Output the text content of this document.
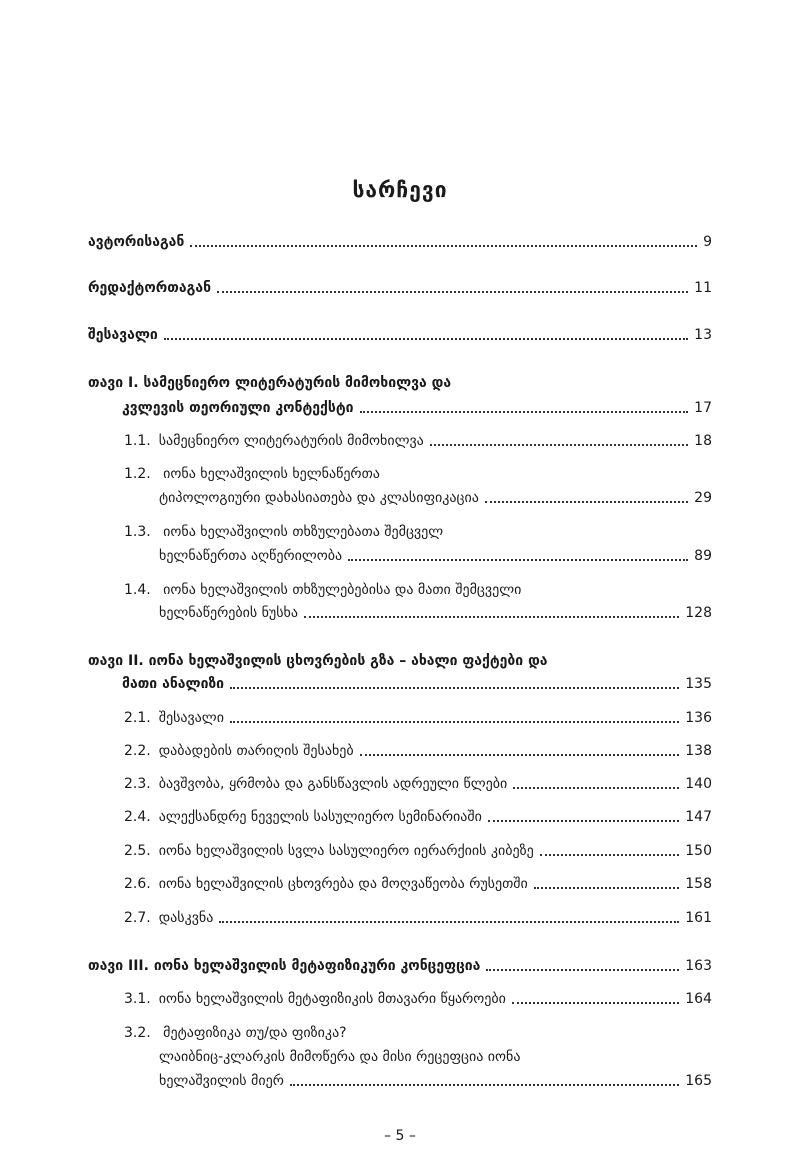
სარჩევი
ავტორისაგან	9
რედაქტორთაგან	11
შესავალი	13
თავი I. სამეცნიერო ლიტერატურის მიმოხილვა და
კვლევის თეორიული კონტექსტი	17
1.1. სამეცნიერო ლიტერატურის მიმოხილვა	18
1.2. იონა ხელაშვილის ხელნაწერთა
ტიპოლოგიური დახასიათება და კლასიფიკაცია	29
1.3. იონა ხელაშვილის თხზულებათა შემცველ
ხელნაწერთა აღწერილობა	89
1.4. იონა ხელაშვილის თხზულებებისა და მათი შემცველი
ხელნაწერების ნუსხა	128
თავი II. იონა ხელაშვილის ცხოვრების გზა – ახალი ფაქტები და
მათი ანალიზი	135
2.1. შესავალი	136
2.2. დაბადების თარიღის შესახებ	138
2.3. ბავშვობა, ყრმობა და განსწავლის ადრეული წლები	140
2.4. ალექსანდრე ნეველის სასულიერო სემინარიაში	147
2.5. იონა ხელაშვილის სვლა სასულიერო იერარქიის კიბეზე	150
2.6. იონა ხელაშვილის ცხოვრება და მოღვაწეობა რუსეთში	158
2.7. დასკვნა	161
თავი III. იონა ხელაშვილის მეტაფიზიკური კონცეფცია	163
3.1. იონა ხელაშვილის მეტაფიზიკის მთავარი წყაროები	164
3.2. მეტაფიზიკა თუ/და ფიზიკა?
ლაიბნიც-კლარკის მიმოწერა და მისი რეცეფცია იონა
ხელაშვილის მიერ	165
– 5 –
